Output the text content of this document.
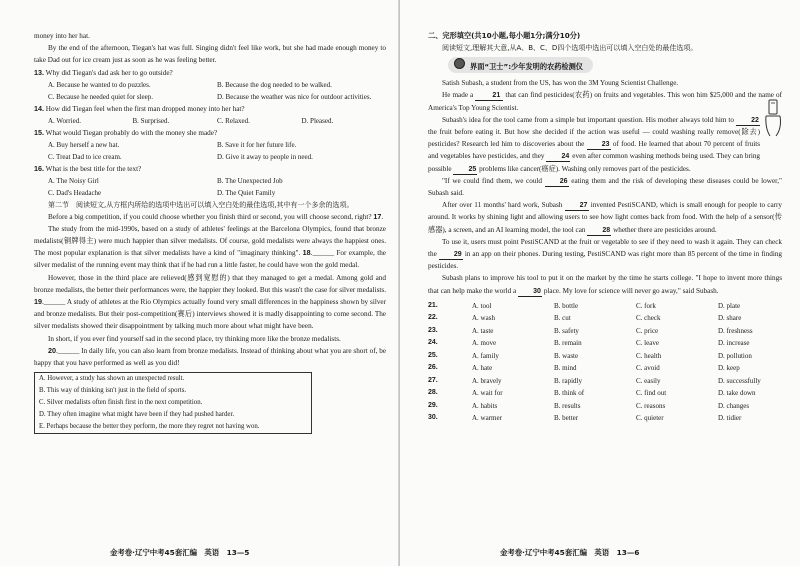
money into her hat.

By the end of the afternoon, Tiegan's hat was full. Singing didn't feel like work, but she had made enough money to take Dad out for ice cream just as soon as he was feeling better.

13. Why did Tiegan's dad ask her to go outside?

A. Because he wanted to do puzzles.	B. Because the dog needed to be walked.
C. Because he needed quiet for sleep.	D. Because the weather was nice for outdoor activities.

14. How did Tiegan feel when the first man dropped money into her hat?

A. Worried.	B. Surprised.	C. Relaxed.	D. Pleased.

15. What would Tiegan probably do with the money she made?

A. Buy herself a new hat.	B. Save it for her future life.
C. Treat Dad to ice cream.	D. Give it away to people in need.

16. What is the best title for the text?

A. The Noisy Girl	B. The Unexpected Job
C. Dad's Headache	D. The Quiet Family

第二节　阅读短文,从方框内所给的选项中选出可以填入空白处的最佳选项,其中有一个多余的选项。

Before a big competition, if you could choose whether you finish third or second, you will choose second, right? 17.

The study from the mid-1990s, based on a study of athletes' feelings at the Barcelona Olympics, found that bronze medalists(铜牌得主) were much happier than silver medalists. Of course, gold medalists were always the happiest ones. The most popular explanation is that silver medalists have a kind of "imaginary thinking". 18.______ For example, the silver medalist of the running event may think that if he had run a little faster, he could have won the gold medal.

However, those in the third place are relieved(感到宽慰的) that they managed to get a medal. Among gold and bronze medalists, the better their performances were, the happier they looked. But this wasn't the case for silver medalists. 19.______ A study of athletes at the Rio Olympics actually found very small differences in the happiness shown by silver and bronze medalists. But their post-competition(赛后) interviews showed it is madly disappointing to come second. The silver medalists showed their disappointment by talking much more about what might have been.

In short, if you ever find yourself sad in the second place, try thinking more like the bronze medalists.

20.______ In daily life, you can also learn from bronze medalists. Instead of thinking about what you are short of, be happy that you have performed as well as you did!

A. However, a study has shown an unexpected result.
B. This way of thinking isn't just in the field of sports.
C. Silver medalists often finish first in the next competition.
D. They often imagine what might have been if they had pushed harder.
E. Perhaps because the better they perform, the more they regret not having won.
金考卷·辽宁中考45套汇编　英语　13—5

二、完形填空(共10小题,每小题1分;满分10分)

阅读短文,理解其大意,从A、B、C、D四个选项中选出可以填入空白处的最佳选项。

界面“卫士”:少年发明的农药检测仪

Satish Subash, a student from the US, has won the 3M Young Scientist Challenge.

He made a	21 that can find pesticides(农药) on fruits and vegetables. This won him $25,000 and the name of America's Top Young Scientist.

Subash's idea for the tool came from a simple but important question. His mother always told him to 22 the fruit before eating it. But how she decided if the action was useful — could washing really remove(除去) pesticides? Research led him to discoveries about the 23 of food. He learned that about 70 percent of fruits and vegetables have pesticides, and they 24 even after common washing methods being used. They can bring possible 25 problems like cancer(癌症). Washing only removes part of the pesticides.

"If we could find them, we could	26 eating them and the risk of developing these diseases could be lower," Subash said.

After over 11 months' hard work, Subash 27 invented PestiSCAND, which is small enough for people to carry around. It works by shining light and allowing users to see how light comes back from food. With the help of a sensor(传感器), a screen, and an AI learning model, the tool can 28 whether there are pesticides around.

To use it, users must point PestiSCAND at the fruit or vegetable to see if they need to wash it again. They can check the 29 in an app on their phones. During testing, PestiSCAND was right more than 85 percent of the time in finding pesticides.

Subash plans to improve his tool to put it on the market by the time he starts college. "I hope to invent more things that can help make the world a 30 place. My love for science will never go away," said Subash.

21.	A. tool	B. bottle	C. fork	D. plate
22.	A. wash	B. cut	C. check	D. share
23.	A. taste	B. safety	C. price	D. freshness
24.	A. move	B. remain	C. leave	D. increase
25.	A. family	B. waste	C. health	D. pollution
26.	A. hate	B. mind	C. avoid	D. keep
27.	A. bravely	B. rapidly	C. easily	D. successfully
28.	A. wait for	B. think of	C. find out	D. take down
29.	A. habits	B. results	C. reasons	D. changes
30.	A. warmer	B. better	C. quieter	D. tidier
金考卷·辽宁中考45套汇编　英语　13—6
